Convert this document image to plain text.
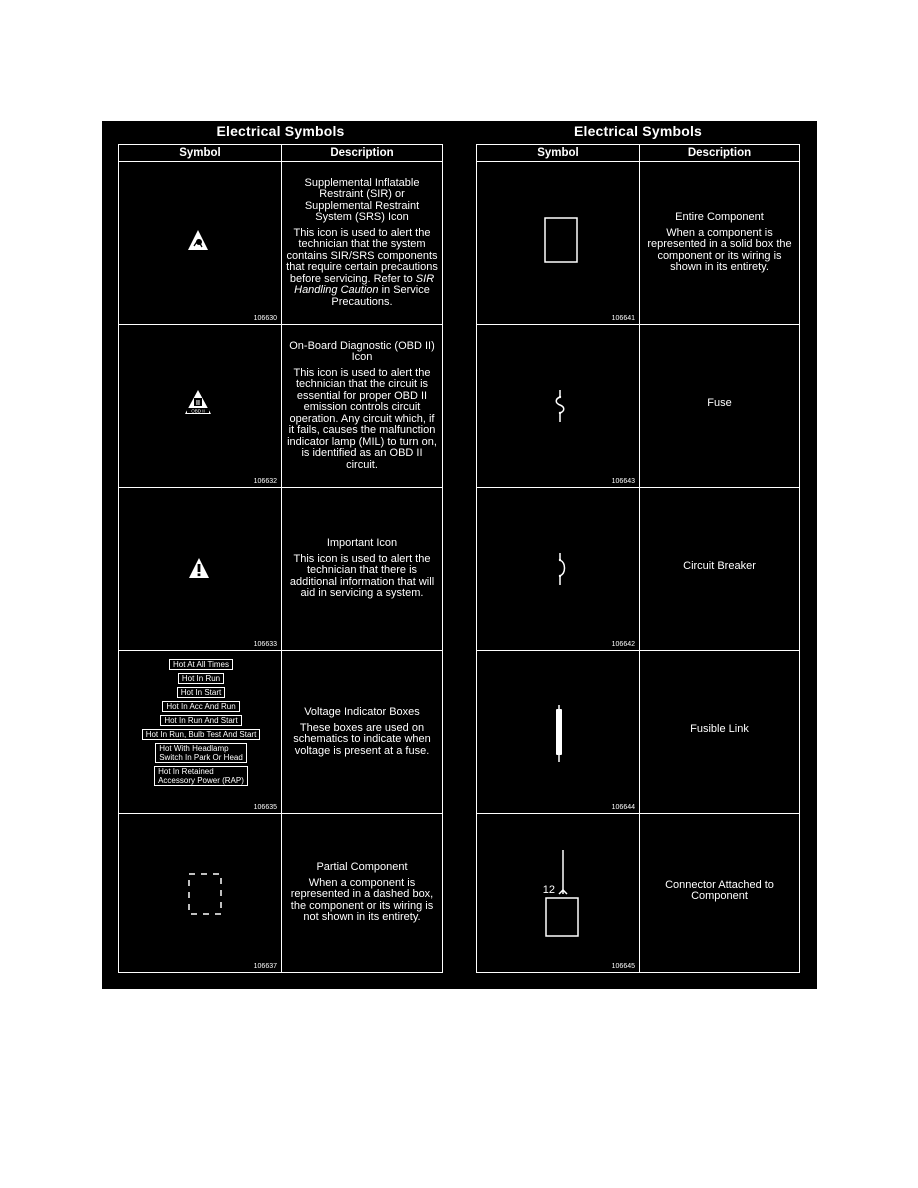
Electrical Symbols
Symbol	Description
106630
Supplemental Inflatable Restraint (SIR) or Supplemental Restraint System (SRS) Icon
This icon is used to alert the technician that the system contains SIR/SRS components that require certain precautions before servicing. Refer to SIR Handling Caution in Service Precautions.
II
OBD II
106632
On-Board Diagnostic (OBD II) Icon
This icon is used to alert the technician that the circuit is essential for proper OBD II emission controls circuit operation. Any circuit which, if it fails, causes the malfunction indicator lamp (MIL) to turn on, is identified as an OBD II circuit.
106633
Important Icon
This icon is used to alert the technician that there is additional information that will aid in servicing a system.
Hot At All Times
Hot In Run
Hot In Start
Hot In Acc And Run
Hot In Run And Start
Hot In Run, Bulb Test And Start
Hot With Headlamp
Switch In Park Or Head
Hot In Retained
Accessory Power (RAP)
106635
Voltage Indicator Boxes
These boxes are used on schematics to indicate when voltage is present at a fuse.
106637
Partial Component
When a component is represented in a dashed box, the component or its wiring is not shown in its entirety.
Electrical Symbols
Symbol	Description
106641
Entire Component
When a component is represented in a solid box the component or its wiring is shown in its entirety.
106643
Fuse
106642
Circuit Breaker
106644
Fusible Link
12
106645
Connector Attached to Component
